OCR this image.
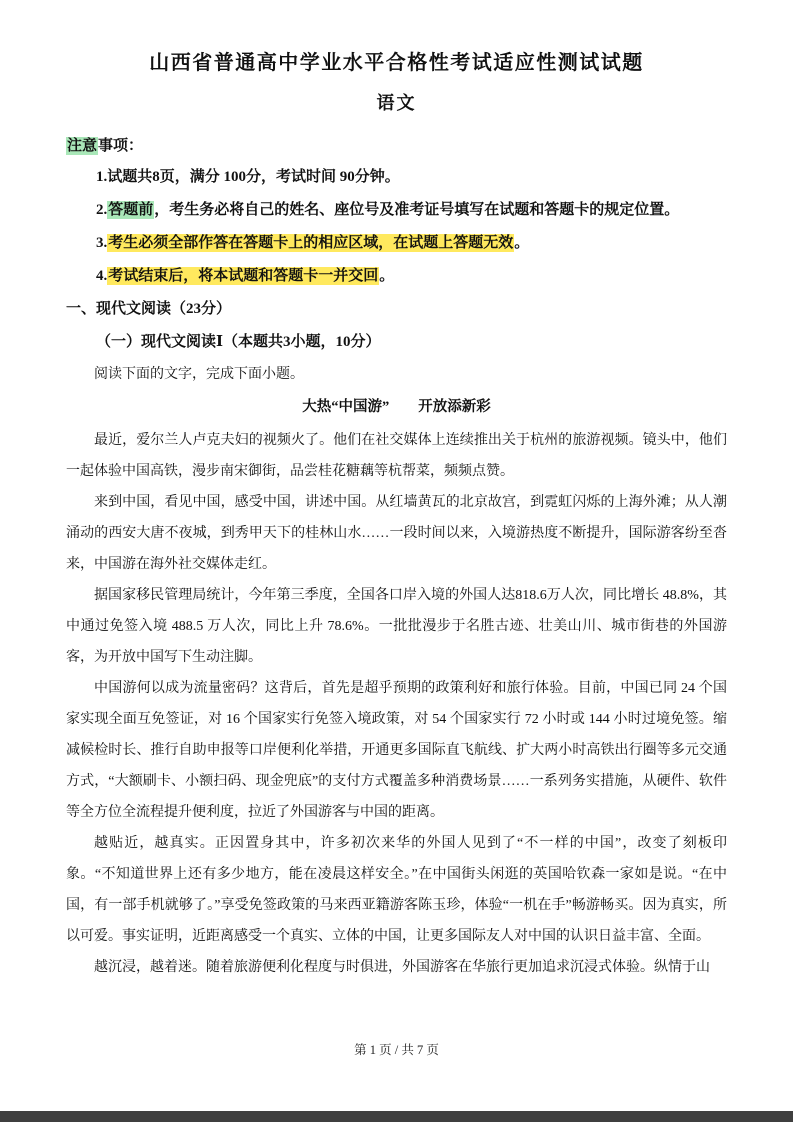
山西省普通高中学业水平合格性考试适应性测试试题
语文
注意事项：

1.试题共8页，满分 100分，考试时间 90分钟。

2.答题前，考生务必将自己的姓名、座位号及准考证号填写在试题和答题卡的规定位置。

3.考生必须全部作答在答题卡上的相应区域，在试题上答题无效。

4.考试结束后，将本试题和答题卡一并交回。

一、现代文阅读（23分）
（一）现代文阅读Ⅰ（本题共3小题，10分）
阅读下面的文字，完成下面小题。
大热“中国游”　　开放添新彩

最近，爱尔兰人卢克夫妇的视频火了。他们在社交媒体上连续推出关于杭州的旅游视频。镜头中，他们一起体验中国高铁，漫步南宋御街，品尝桂花糖藕等杭帮菜，频频点赞。

来到中国，看见中国，感受中国，讲述中国。从红墙黄瓦的北京故宫，到霓虹闪烁的上海外滩；从人潮涌动的西安大唐不夜城，到秀甲天下的桂林山水……一段时间以来，入境游热度不断提升，国际游客纷至沓来，中国游在海外社交媒体走红。

据国家移民管理局统计，今年第三季度，全国各口岸入境的外国人达818.6万人次，同比增长 48.8%，其中通过免签入境 488.5 万人次，同比上升 78.6%。一批批漫步于名胜古迹、壮美山川、城市街巷的外国游客，为开放中国写下生动注脚。

中国游何以成为流量密码？这背后，首先是超乎预期的政策利好和旅行体验。目前，中国已同 24 个国家实现全面互免签证，对 16 个国家实行免签入境政策，对 54 个国家实行 72 小时或 144 小时过境免签。缩减候检时长、推行自助申报等口岸便利化举措，开通更多国际直飞航线、扩大两小时高铁出行圈等多元交通方式，“大额刷卡、小额扫码、现金兜底”的支付方式覆盖多种消费场景……一系列务实措施，从硬件、软件等全方位全流程提升便利度，拉近了外国游客与中国的距离。

越贴近，越真实。正因置身其中，许多初次来华的外国人见到了“不一样的中国”，改变了刻板印象。“不知道世界上还有多少地方，能在凌晨这样安全。”在中国街头闲逛的英国哈钦森一家如是说。“在中国，有一部手机就够了。”享受免签政策的马来西亚籍游客陈玉珍，体验“一机在手”畅游畅买。因为真实，所以可爱。事实证明，近距离感受一个真实、立体的中国，让更多国际友人对中国的认识日益丰富、全面。

越沉浸，越着迷。随着旅游便利化程度与时俱进，外国游客在华旅行更加追求沉浸式体验。纵情于山

第 1 页 / 共 7 页
